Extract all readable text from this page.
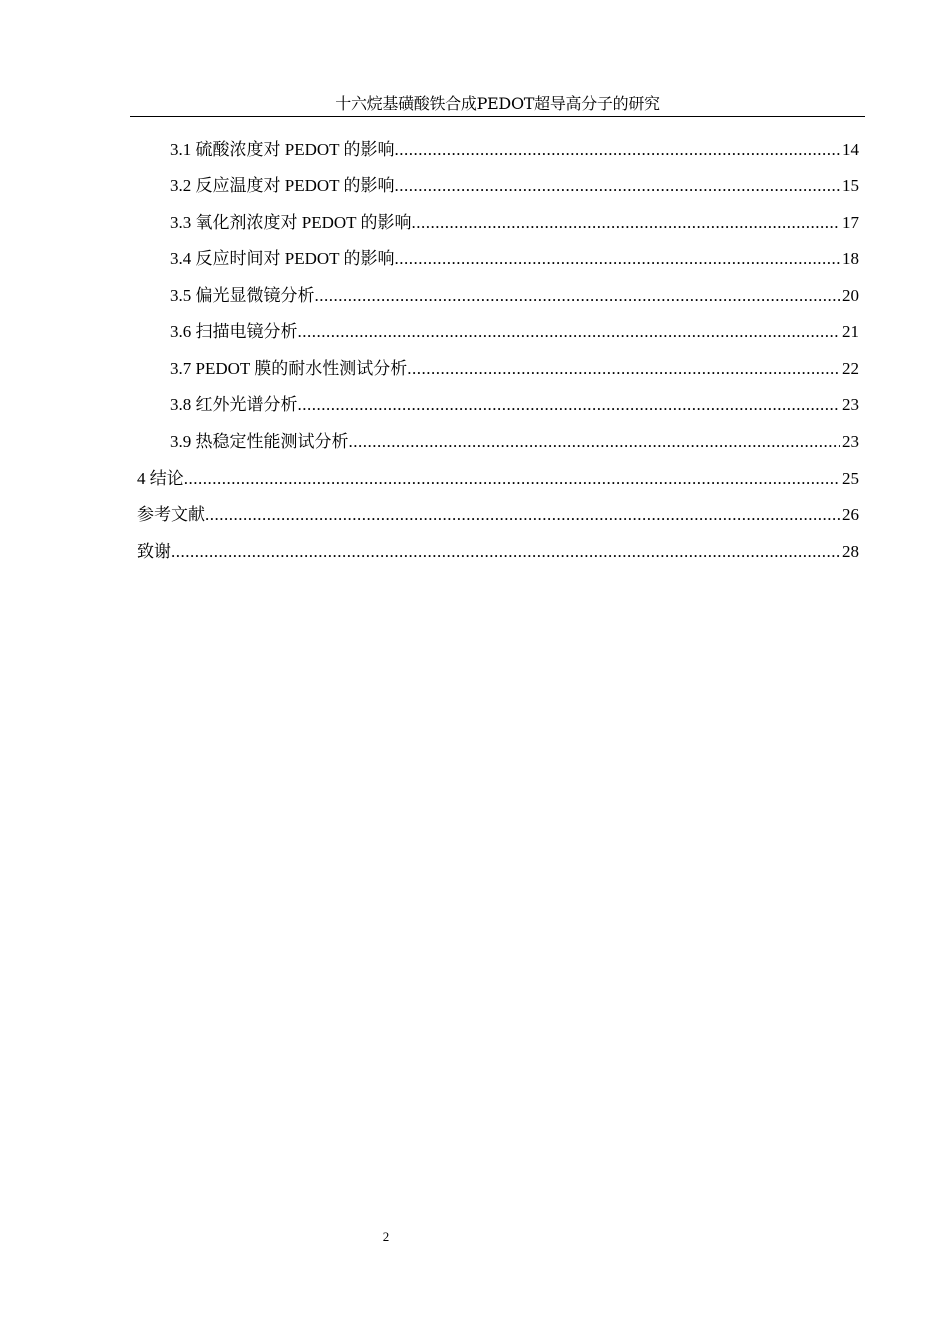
十六烷基磺酸铁合成PEDOT超导高分子的研究
3.1 硫酸浓度对 PEDOT 的影响 .....	14
3.2 反应温度对 PEDOT 的影响 .....	15
3.3 氧化剂浓度对 PEDOT 的影响 .....	17
3.4 反应时间对 PEDOT 的影响 .....	18
3.5 偏光显微镜分析 .....	20
3.6 扫描电镜分析 .....	21
3.7 PEDOT 膜的耐水性测试分析 .....	22
3.8 红外光谱分析 .....	23
3.9 热稳定性能测试分析 .....	23
4 结论 .....	25
参考文献 .....	26
致谢 .....	28
2
